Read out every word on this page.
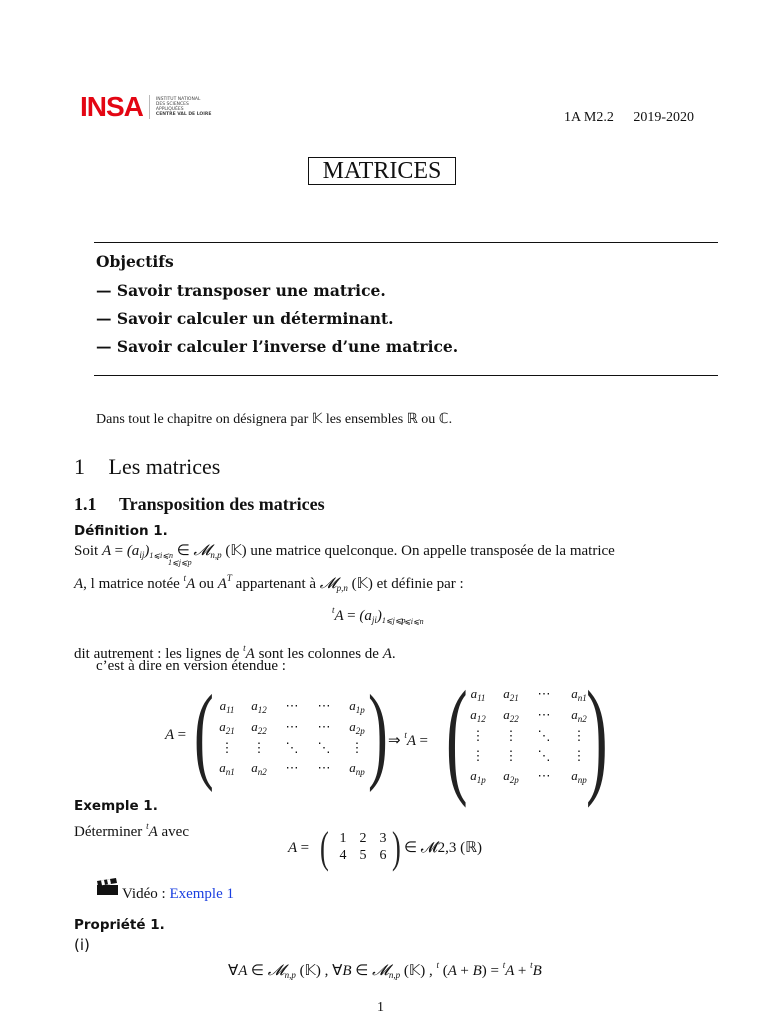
INSA	INSTITUT NATIONAL
DES SCIENCES
APPLIQUÉES
CENTRE VAL DE LOIRE	1A M2.2 2019-2020
MATRICES
Objectifs
— Savoir transposer une matrice.
— Savoir calculer un déterminant.
— Savoir calculer l’inverse d’une matrice.
Dans tout le chapitre on désignera par 𝕂 les ensembles ℝ ou ℂ.
1 Les matrices
1.1 Transposition des matrices
Définition 1.
Soit $A = (a_{ij})_{1⩽i⩽n}$ ∈ 𝓜$_{n,p}$ (𝕂) une matrice quelconque. On appelle transposée de la matrice
1⩽j⩽p
A, l matrice notée $^t$A ou $A^T$ appartenant à 𝓜$_{p,n}$ (𝕂) et définie par :
$^tA = (a_{ji})_{1⩽j⩽p}$
1⩽i⩽n
dit autrement : les lignes de $^t$A sont les colonnes de A.
c’est à dire en version étendue :
A = ( $a_{11}$	$a_{12}$	⋯	⋯	$a_{1p}$
$a_{21}$	$a_{22}$	⋯	⋯	$a_{2p}$
⋮	⋮	⋱	⋱	⋮
$a_{n1}$	$a_{n2}$	⋯	⋯	$a_{np}$ ) ⇒ $^t$A = ( $a_{11}$	$a_{21}$	⋯	$a_{n1}$
$a_{12}$	$a_{22}$	⋯	$a_{n2}$
⋮	⋮	⋱	⋮
⋮	⋮	⋱	⋮
$a_{1p}$	$a_{2p}$	⋯	$a_{np}$ )
Exemple 1.
Déterminer $^t$A avec
A = ( 1 2 3
4 5 6 ) ∈ 𝓜2,3 (ℝ)
Vidéo : Exemple 1
Propriété 1.
(i)
∀A ∈ 𝓜$_{n,p}$ (𝕂) , ∀B ∈ 𝓜$_{n,p}$ (𝕂) , $^t$ (A + B) = $^t$A + $^t$B
1
